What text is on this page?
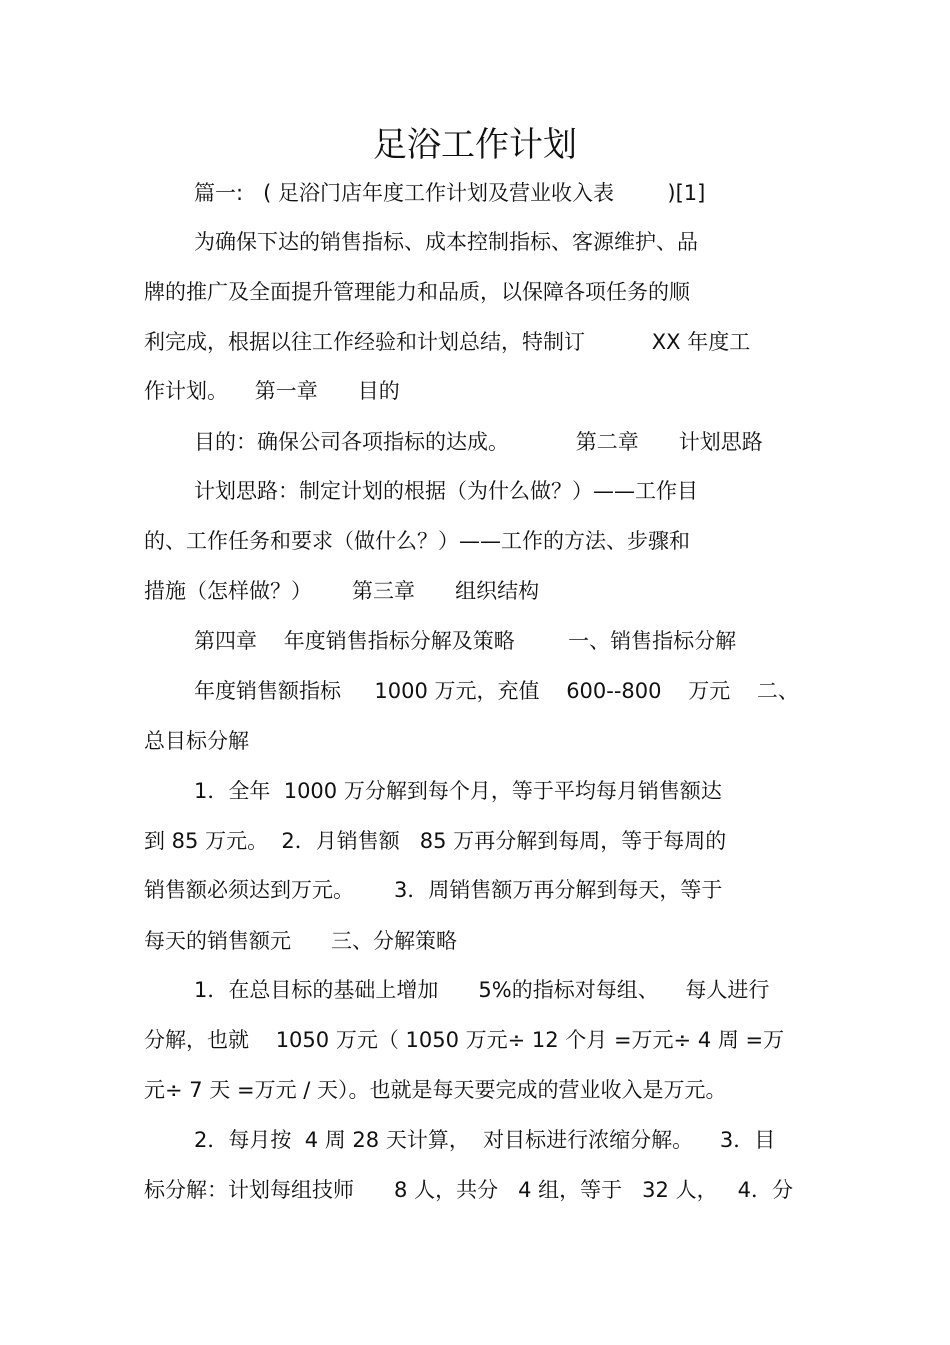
足浴工作计划
篇一:   ( 足浴门店年度工作计划及营业收入表        )[1]
为确保下达的销售指标、成本控制指标、客源维护、品
牌的推广及全面提升管理能力和品质，以保障各项任务的顺
利完成，根据以往工作经验和计划总结，特制订          XX 年度工
作计划。    第一章      目的
目的：确保公司各项指标的达成。          第二章      计划思路
计划思路：制定计划的根据（为什么做？）——工作目
的、工作任务和要求（做什么？）——工作的方法、步骤和
措施（怎样做？）      第三章      组织结构
第四章    年度销售指标分解及策略        一、销售指标分解
年度销售额指标     1000 万元，充值    600--800    万元    二、
总目标分解
1．全年  1000 万分解到每个月，等于平均每月销售额达
到 85 万元。  2．月销售额   85 万再分解到每周，等于每周的
销售额必须达到万元。      3．周销售额万再分解到每天，等于
每天的销售额元      三、分解策略
1．在总目标的基础上增加      5%的指标对每组、    每人进行
分解，也就    1050 万元（ 1050 万元÷ 12 个月 =万元÷ 4 周 =万
元÷ 7 天 =万元 / 天）。也就是每天要完成的营业收入是万元。
2．每月按  4 周 28 天计算，  对目标进行浓缩分解。    3．目
标分解：计划每组技师      8 人，共分   4 组，等于   32 人，   4．分
